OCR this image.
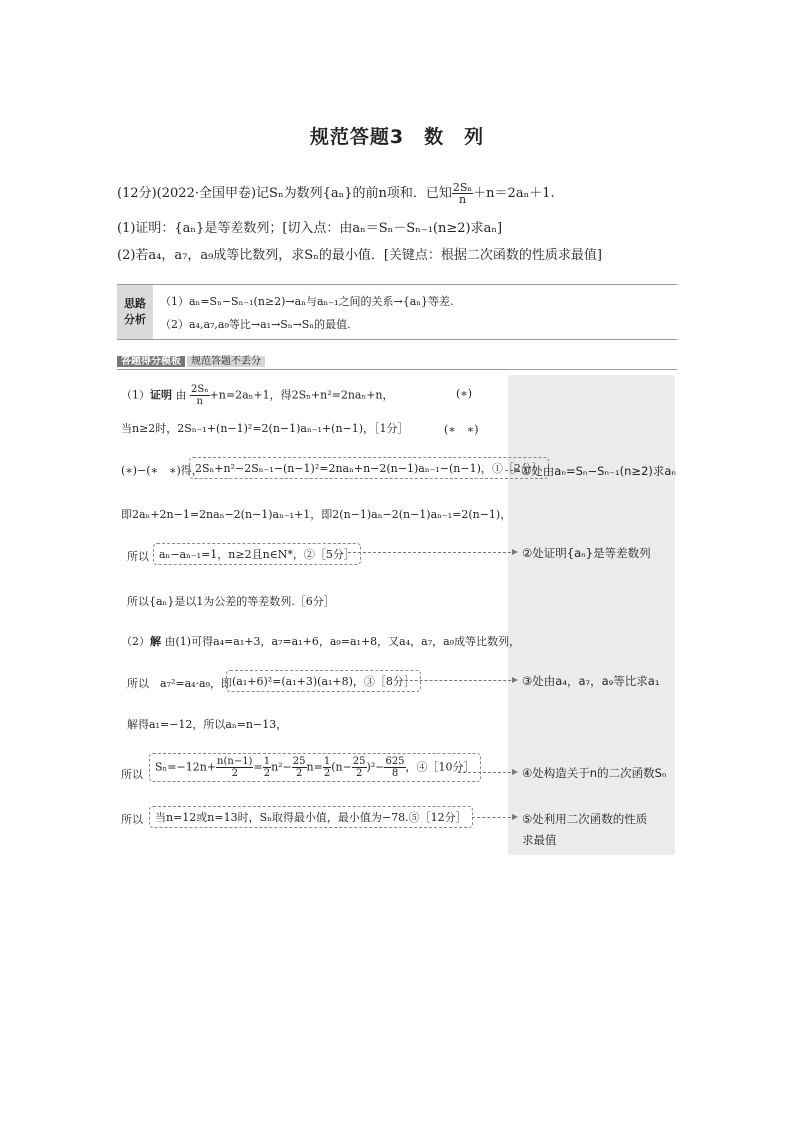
规范答题3　数　列
(12分)(2022·全国甲卷)记Sₙ为数列{aₙ}的前n项和．已知 $\frac{\text{2Sₙ}}{n} +n=2a_n+1$.
(1)证明：{aₙ}是等差数列；[切入点：由aₙ＝Sₙ－Sₙ₋₁(n≥2)求aₙ]
(2)若a₄，a₇，a₉成等比数列，求Sₙ的最小值．[关键点：根据二次函数的性质求最值]
思路
分析
（1）aₙ=Sₙ−Sₙ₋₁(n≥2)→aₙ与aₙ₋₁之间的关系→{aₙ}等差.
（2）a₄,a₇,a₉等比→a₁→Sₙ→Sₙ的最值.
答题得分模板 规范答题不丢分
（1）证明 由 $\frac{\text{2Sₙ}}{n} +n=2a_n+1$，得2Sₙ+n²=2naₙ+n，	(∗)
当n≥2时，2Sₙ₋₁+(n−1)²=2(n−1)aₙ₋₁+(n−1)，［1分］	(∗　∗)
(∗)−(∗　∗)得，
2Sₙ+n²−2Sₙ₋₁−(n−1)²=2naₙ+n−2(n−1)aₙ₋₁−(n−1)，①［2分］
①处由aₙ=Sₙ−Sₙ₋₁(n≥2)求aₙ
即2aₙ+2n−1=2naₙ−2(n−1)aₙ₋₁+1，即2(n−1)aₙ−2(n−1)aₙ₋₁=2(n−1)，
所以 aₙ−aₙ₋₁=1，n≥2且n∈N*，②［5分］	②处证明{aₙ}是等差数列
所以{aₙ}是以1为公差的等差数列.［6分］
（2）解 由(1)可得a₄=a₁+3，a₇=a₁+6，a₉=a₁+8，又a₄，a₇，a₉成等比数列，
所以　a₇²=a₄·a₉，即 (a₁+6)²=(a₁+3)(a₁+8)，③［8分］	③处由a₄，a₇，a₉等比求a₁
解得a₁=−12，所以aₙ=n−13，
所以
$S_n=-12n+ \frac{n(n-1)}{2} = \frac{1}{2} n^2- \frac{25}{2} n= \frac{1}{2} (n- \frac{25}{2} )^2- \frac{625}{8}$ ，④［10分］	④处构造关于n的二次函数Sₙ
所以	当n=12或n=13时，Sₙ取得最小值，最小值为−78.⑤［12分］	⑤处利用二次函数的性质
求最值
